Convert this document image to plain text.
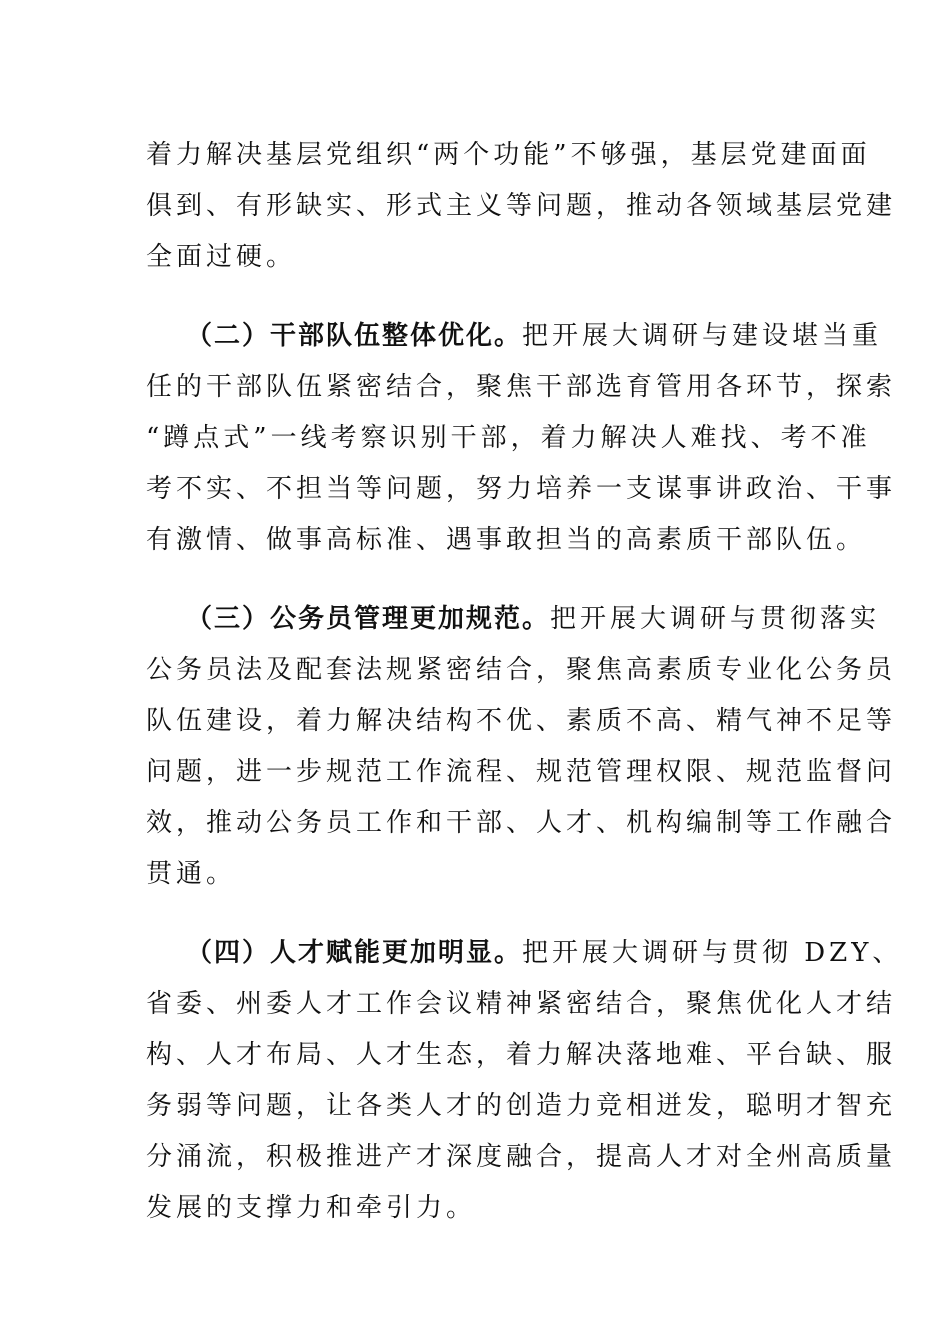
着力解决基层党组织“两个功能”不够强，基层党建面面
俱到、有形缺实、形式主义等问题，推动各领域基层党建
全面过硬。
（二）干部队伍整体优化。把开展大调研与建设堪当重
任的干部队伍紧密结合，聚焦干部选育管用各环节，探索
“蹲点式”一线考察识别干部，着力解决人难找、考不准
考不实、不担当等问题，努力培养一支谋事讲政治、干事
有激情、做事高标准、遇事敢担当的高素质干部队伍。
（三）公务员管理更加规范。把开展大调研与贯彻落实
公务员法及配套法规紧密结合，聚焦高素质专业化公务员
队伍建设，着力解决结构不优、素质不高、精气神不足等
问题，进一步规范工作流程、规范管理权限、规范监督问
效，推动公务员工作和干部、人才、机构编制等工作融合
贯通。
（四）人才赋能更加明显。把开展大调研与贯彻 DZY、
省委、州委人才工作会议精神紧密结合，聚焦优化人才结
构、人才布局、人才生态，着力解决落地难、平台缺、服
务弱等问题，让各类人才的创造力竞相迸发，聪明才智充
分涌流，积极推进产才深度融合，提高人才对全州高质量
发展的支撑力和牵引力。
